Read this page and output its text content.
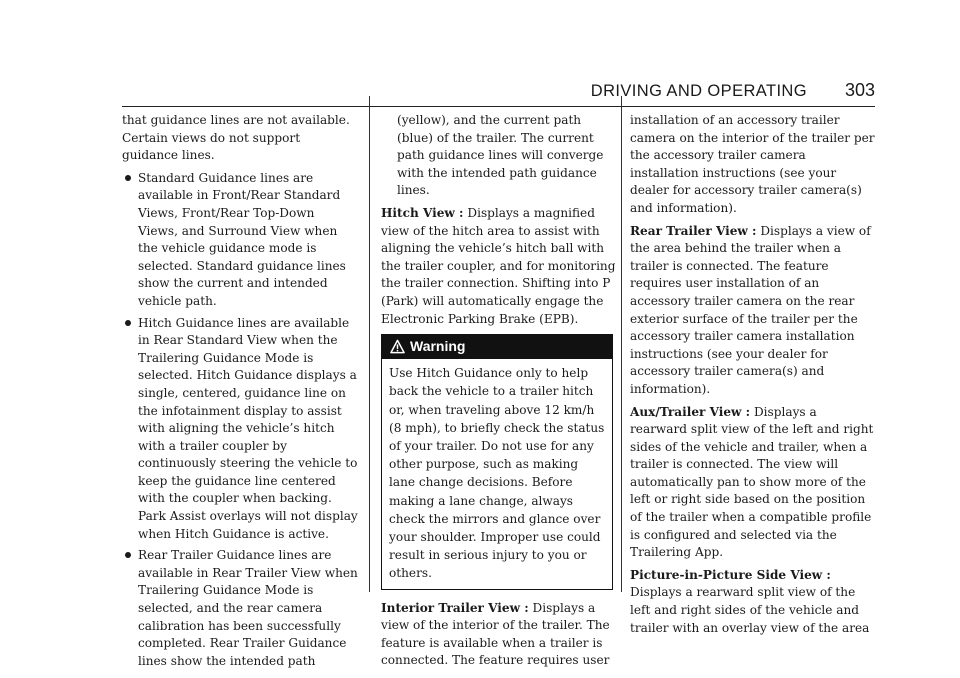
DRIVING AND OPERATING 303

that guidance lines are not available. Certain views do not support guidance lines.

Standard Guidance lines are available in Front/Rear Standard Views, Front/Rear Top-Down Views, and Surround View when the vehicle guidance mode is selected. Standard guidance lines show the current and intended vehicle path.
Hitch Guidance lines are available in Rear Standard View when the Trailering Guidance Mode is selected. Hitch Guidance displays a single, centered, guidance line on the infotainment display to assist with aligning the vehicle’s hitch with a trailer coupler by continuously steering the vehicle to keep the guidance line centered with the coupler when backing. Park Assist overlays will not display when Hitch Guidance is active.
Rear Trailer Guidance lines are available in Rear Trailer View when Trailering Guidance Mode is selected, and the rear camera calibration has been successfully completed. Rear Trailer Guidance lines show the intended path

(yellow), and the current path (blue) of the trailer. The current path guidance lines will converge with the intended path guidance lines.

Hitch View : Displays a magnified view of the hitch area to assist with aligning the vehicle’s hitch ball with the trailer coupler, and for monitoring the trailer connection. Shifting into P (Park) will automatically engage the Electronic Parking Brake (EPB).

Warning
Use Hitch Guidance only to help back the vehicle to a trailer hitch or, when traveling above 12 km/h (8 mph), to briefly check the status of your trailer. Do not use for any other purpose, such as making lane change decisions. Before making a lane change, always check the mirrors and glance over your shoulder. Improper use could result in serious injury to you or others.

Interior Trailer View : Displays a view of the interior of the trailer. The feature is available when a trailer is connected. The feature requires user

installation of an accessory trailer camera on the interior of the trailer per the accessory trailer camera installation instructions (see your dealer for accessory trailer camera(s) and information).

Rear Trailer View : Displays a view of the area behind the trailer when a trailer is connected. The feature requires user installation of an accessory trailer camera on the rear exterior surface of the trailer per the accessory trailer camera installation instructions (see your dealer for accessory trailer camera(s) and information).

Aux/Trailer View : Displays a rearward split view of the left and right sides of the vehicle and trailer, when a trailer is connected. The view will automatically pan to show more of the left or right side based on the position of the trailer when a compatible profile is configured and selected via the Trailering App.

Picture-in-Picture Side View : Displays a rearward split view of the left and right sides of the vehicle and trailer with an overlay view of the area
